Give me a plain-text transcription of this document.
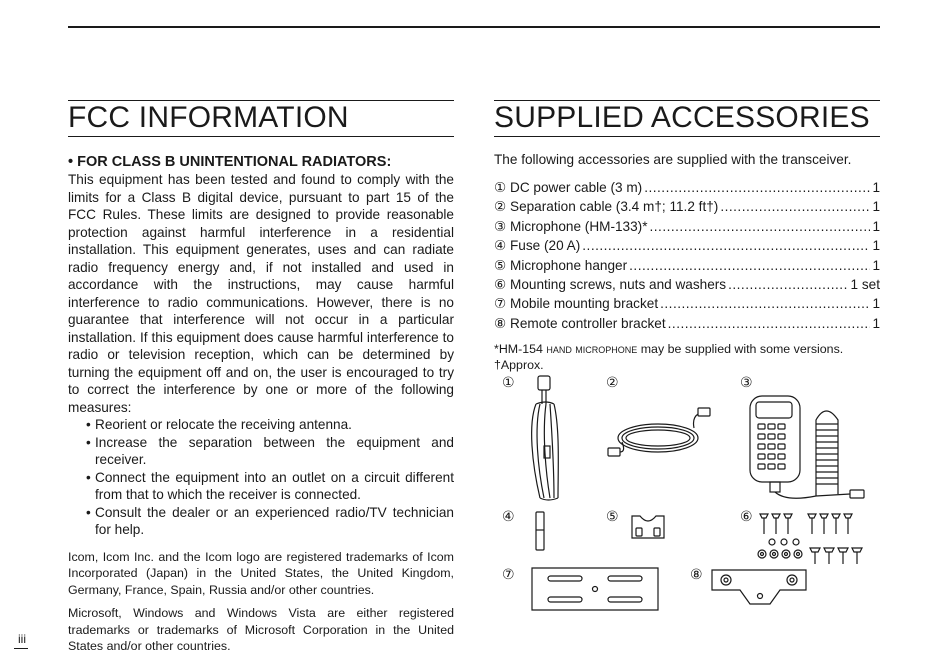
FCC INFORMATION
• FOR CLASS B UNINTENTIONAL RADIATORS:

This equipment has been tested and found to comply with the limits for a Class B digital device, pursuant to part 15 of the FCC Rules. These limits are designed to provide reasonable protection against harmful interference in a residential installation. This equipment generates, uses and can radiate radio frequency energy and, if not installed and used in accordance with the instructions, may cause harmful interference to radio communications. However, there is no guarantee that interference will not occur in a particular installation. If this equipment does cause harmful interference to radio or television reception, which can be determined by turning the equipment off and on, the user is encouraged to try to correct the interference by one or more of the following measures:

• Reorient or relocate the receiving antenna.
• Increase the separation between the equipment and receiver.
• Connect the equipment into an outlet on a circuit different from that to which the receiver is connected.
• Consult the dealer or an experienced radio/TV technician for help.

Icom, Icom Inc. and the Icom logo are registered trademarks of Icom Incorporated (Japan) in the United States, the United Kingdom, Germany, France, Spain, Russia and/or other countries.

Microsoft, Windows and Windows Vista are either registered trademarks or trademarks of Microsoft Corporation in the United States and/or other countries.

SUPPLIED ACCESSORIES

The following accessories are supplied with the transceiver.

① DC power cable (3 m) .....	1
② Separation cable (3.4 m†; 11.2 ft†) .....	1
③ Microphone (HM-133)* .....	1
④ Fuse (20 A) .....	1
⑤ Microphone hanger .....	1
⑥ Mounting screws, nuts and washers .....	1 set
⑦ Mobile mounting bracket .....	1
⑧ Remote controller bracket .....	1

*HM-154 hand microphone may be supplied with some versions.
†Approx.

①	②	③
④	⑤	⑥
⑦	⑧
iii
